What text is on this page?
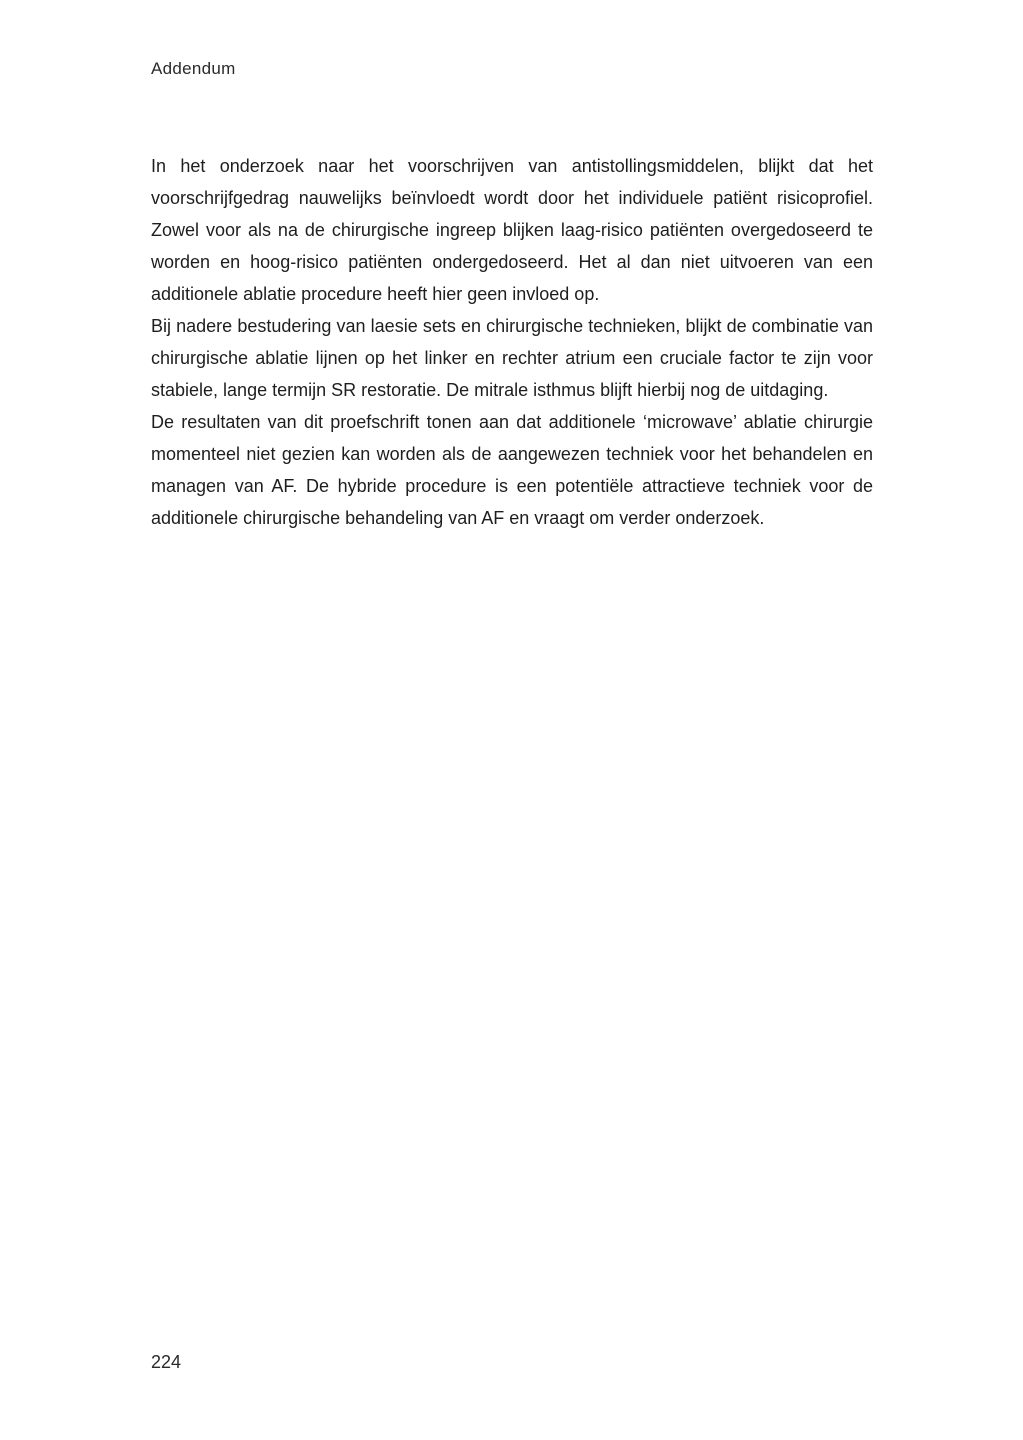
Addendum

In het onderzoek naar het voorschrijven van antistollingsmiddelen, blijkt dat het voorschrijfgedrag nauwelijks beïnvloedt wordt door het individuele patiënt risicoprofiel. Zowel voor als na de chirurgische ingreep blijken laag-risico patiënten overgedoseerd te worden en hoog-risico patiënten ondergedoseerd. Het al dan niet uitvoeren van een additionele ablatie procedure heeft hier geen invloed op.

Bij nadere bestudering van laesie sets en chirurgische technieken, blijkt de combinatie van chirurgische ablatie lijnen op het linker en rechter atrium een cruciale factor te zijn voor stabiele, lange termijn SR restoratie. De mitrale isthmus blijft hierbij nog de uitdaging.

De resultaten van dit proefschrift tonen aan dat additionele ‘microwave’ ablatie chirurgie momenteel niet gezien kan worden als de aangewezen techniek voor het behandelen en managen van AF. De hybride procedure is een potentiële attractieve techniek voor de additionele chirurgische behandeling van AF en vraagt om verder onderzoek.

224
